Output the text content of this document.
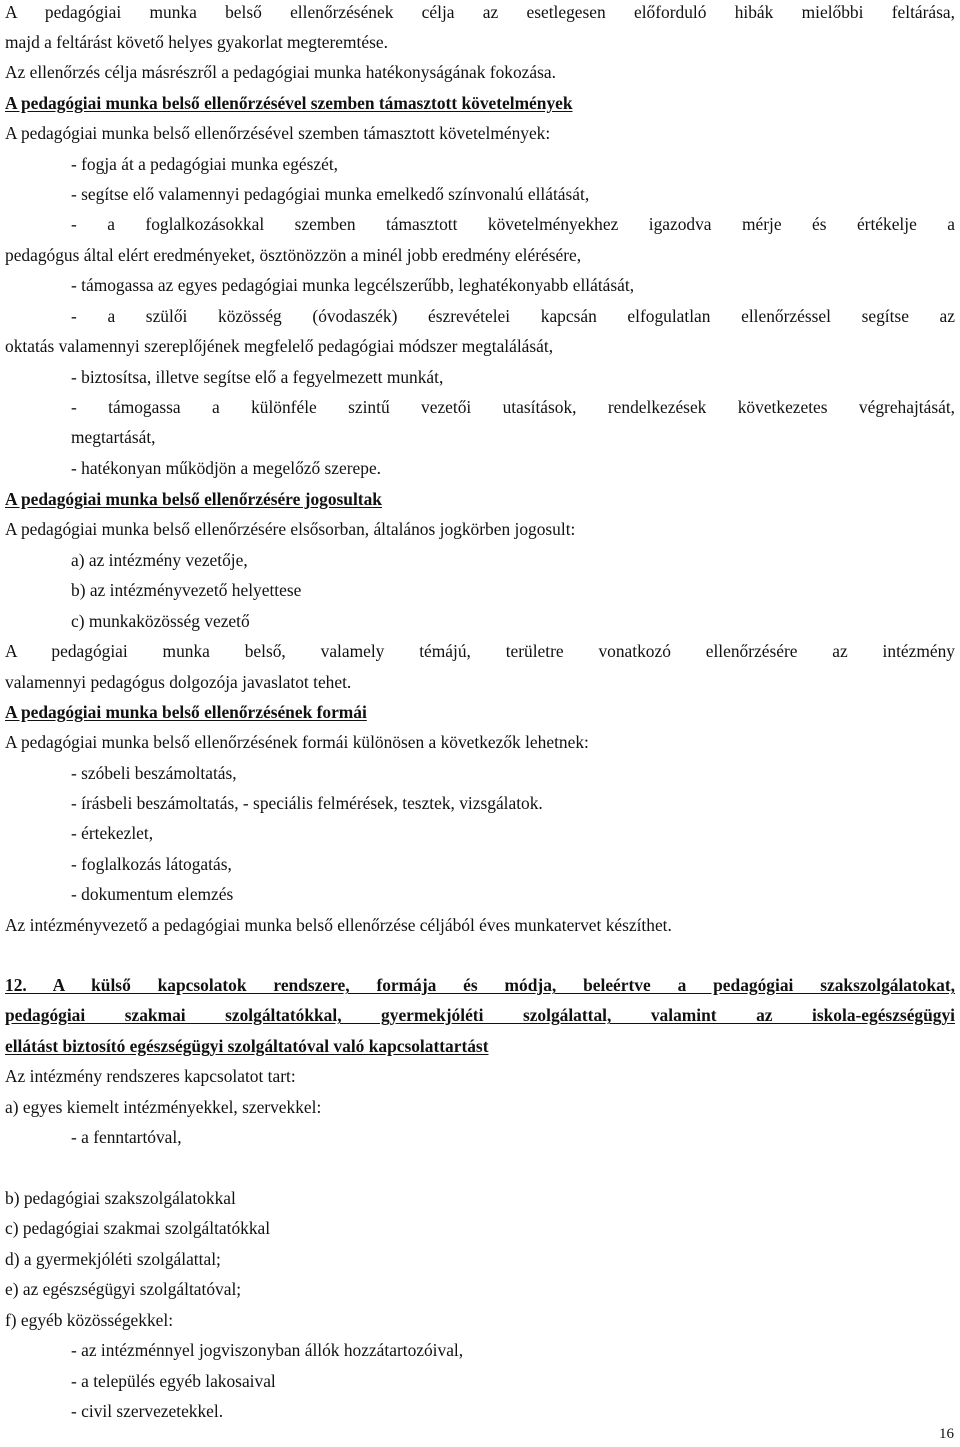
A pedagógiai munka belső ellenőrzésének célja az esetlegesen előforduló hibák mielőbbi feltárása,
majd a feltárást követő helyes gyakorlat megteremtése.
Az ellenőrzés célja másrészről a pedagógiai munka hatékonyságának fokozása.
A pedagógiai munka belső ellenőrzésével szemben támasztott követelmények
A pedagógiai munka belső ellenőrzésével szemben támasztott követelmények:
- fogja át a pedagógiai munka egészét,
- segítse elő valamennyi pedagógiai munka emelkedő színvonalú ellátását,
- a foglalkozásokkal szemben támasztott követelményekhez igazodva mérje és értékelje a
pedagógus által elért eredményeket, ösztönözzön a minél jobb eredmény elérésére,
- támogassa az egyes pedagógiai munka legcélszerűbb, leghatékonyabb ellátását,
- a szülői közösség (óvodaszék) észrevételei kapcsán elfogulatlan ellenőrzéssel segítse az
oktatás valamennyi szereplőjének megfelelő pedagógiai módszer megtalálását,
- biztosítsa, illetve segítse elő a fegyelmezett munkát,
- támogassa a különféle szintű vezetői utasítások, rendelkezések következetes végrehajtását,
megtartását,
- hatékonyan működjön a megelőző szerepe.
A pedagógiai munka belső ellenőrzésére jogosultak
A pedagógiai munka belső ellenőrzésére elsősorban, általános jogkörben jogosult:
a) az intézmény vezetője,
b) az intézményvezető helyettese
c) munkaközösség vezető
A pedagógiai munka belső, valamely témájú, területre vonatkozó ellenőrzésére az intézmény
valamennyi pedagógus dolgozója javaslatot tehet.
A pedagógiai munka belső ellenőrzésének formái
A pedagógiai munka belső ellenőrzésének formái különösen a következők lehetnek:
- szóbeli beszámoltatás,
- írásbeli beszámoltatás, - speciális felmérések, tesztek, vizsgálatok.
- értekezlet,
- foglalkozás látogatás,
- dokumentum elemzés
Az intézményvezető a pedagógiai munka belső ellenőrzése céljából éves munkatervet készíthet.
12. A külső kapcsolatok rendszere, formája és módja, beleértve a pedagógiai szakszolgálatokat,
pedagógiai szakmai szolgáltatókkal, gyermekjóléti szolgálattal, valamint az iskola-egészségügyi
ellátást biztosító egészségügyi szolgáltatóval való kapcsolattartást
Az intézmény rendszeres kapcsolatot tart:
a) egyes kiemelt intézményekkel, szervekkel:
- a fenntartóval,
b) pedagógiai szakszolgálatokkal
c) pedagógiai szakmai szolgáltatókkal
d) a gyermekjóléti szolgálattal;
e) az egészségügyi szolgáltatóval;
f) egyéb közösségekkel:
- az intézménnyel jogviszonyban állók hozzátartozóival,
- a település egyéb lakosaival
- civil szervezetekkel.
16
